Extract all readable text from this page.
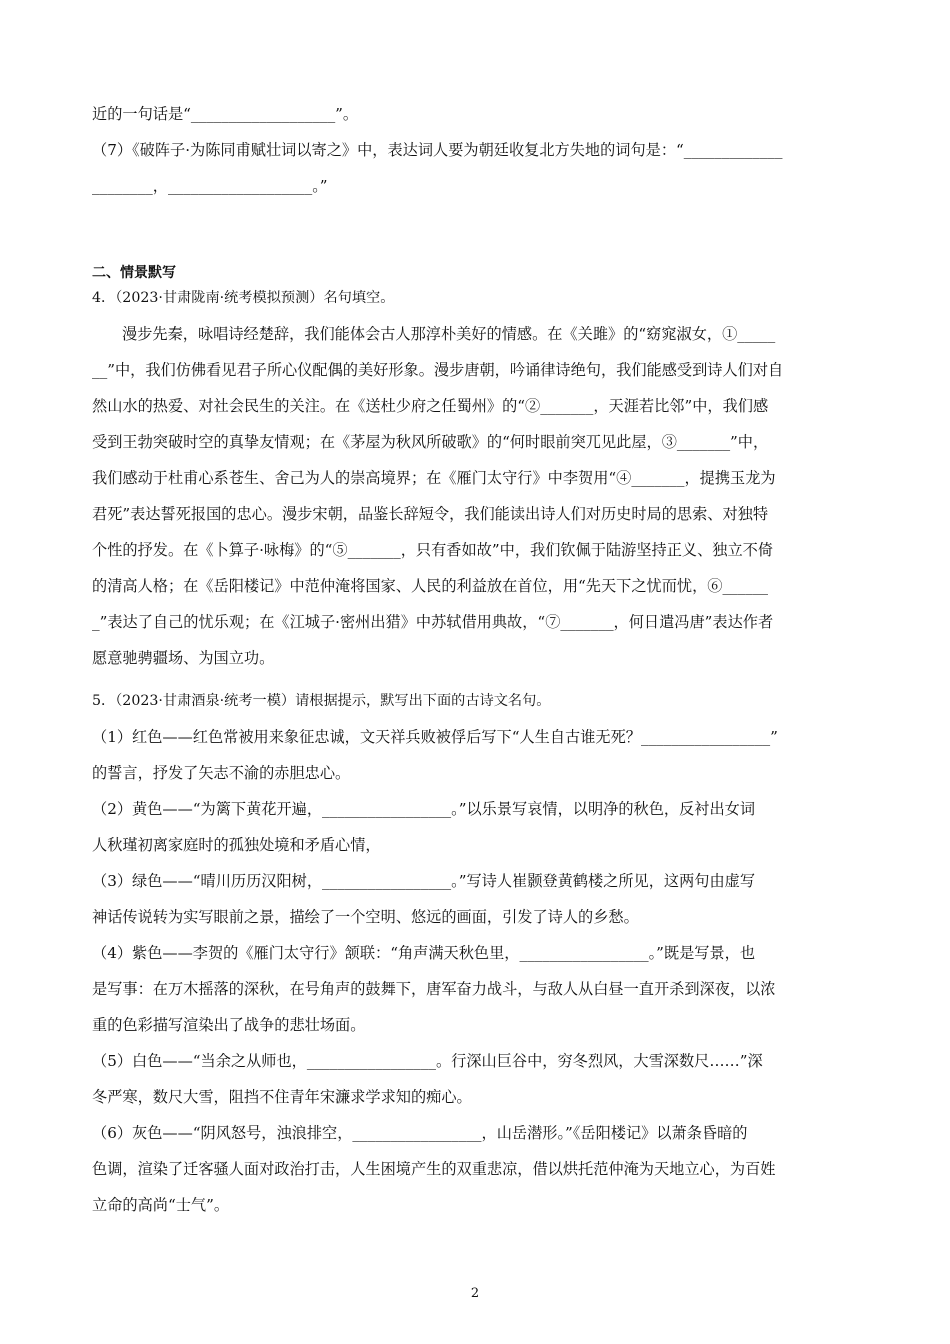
近的一句话是“___________________”。
（7）《破阵子·为陈同甫赋壮词以寄之》中，表达词人要为朝廷收复北方失地的词句是：“_____________
________，___________________。”
二、情景默写
4．（2023·甘肃陇南·统考模拟预测）名句填空。
漫步先秦，咏唱诗经楚辞，我们能体会古人那淳朴美好的情感。在《关雎》的“窈窕淑女，①_____
__”中，我们仿佛看见君子所心仪配偶的美好形象。漫步唐朝，吟诵律诗绝句，我们能感受到诗人们对自
然山水的热爱、对社会民生的关注。在《送杜少府之任蜀州》的“②_______，天涯若比邻”中，我们感
受到王勃突破时空的真挚友情观；在《茅屋为秋风所破歌》的“何时眼前突兀见此屋，③_______”中，
我们感动于杜甫心系苍生、舍己为人的崇高境界；在《雁门太守行》中李贺用“④_______，提携玉龙为
君死”表达誓死报国的忠心。漫步宋朝，品鉴长辞短令，我们能读出诗人们对历史时局的思索、对独特
个性的抒发。在《卜算子·咏梅》的“⑤_______，只有香如故”中，我们钦佩于陆游坚持正义、独立不倚
的清高人格；在《岳阳楼记》中范仲淹将国家、人民的利益放在首位，用“先天下之忧而忧，⑥______
_”表达了自己的忧乐观；在《江城子·密州出猎》中苏轼借用典故，“⑦_______，何日遣冯唐”表达作者
愿意驰骋疆场、为国立功。
5．（2023·甘肃酒泉·统考一模）请根据提示，默写出下面的古诗文名句。
（1）红色——红色常被用来象征忠诚，文天祥兵败被俘后写下“人生自古谁无死？_________________”
的誓言，抒发了矢志不渝的赤胆忠心。
（2）黄色——“为篱下黄花开遍，_________________。”以乐景写哀情，以明净的秋色，反衬出女词
人秋瑾初离家庭时的孤独处境和矛盾心情，
（3）绿色——“晴川历历汉阳树，_________________。”写诗人崔颢登黄鹤楼之所见，这两句由虚写
神话传说转为实写眼前之景，描绘了一个空明、悠远的画面，引发了诗人的乡愁。
（4）紫色——李贺的《雁门太守行》颔联：“角声满天秋色里，_________________。”既是写景，也
是写事：在万木摇落的深秋，在号角声的鼓舞下，唐军奋力战斗，与敌人从白昼一直开杀到深夜，以浓
重的色彩描写渲染出了战争的悲壮场面。
（5）白色——“当余之从师也，_________________。行深山巨谷中，穷冬烈风，大雪深数尺……”深
冬严寒，数尺大雪，阻挡不住青年宋濂求学求知的痴心。
（6）灰色——“阴风怒号，浊浪排空，_________________，山岳潜形。”《岳阳楼记》以萧条昏暗的
色调，渲染了迁客骚人面对政治打击，人生困境产生的双重悲凉，借以烘托范仲淹为天地立心，为百姓
立命的高尚“士气”。
2
